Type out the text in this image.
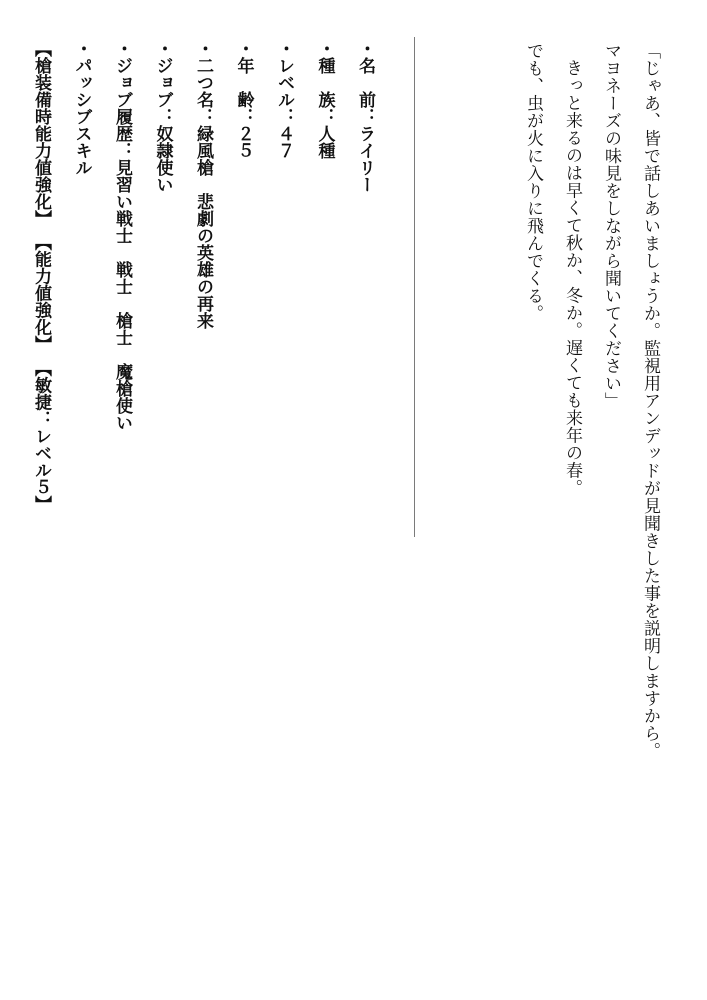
「じゃあ、皆で話しあいましょうか。監視用アンデッドが見聞きした事を説明しますから。

マヨネーズの味見をしながら聞いてください」

きっと来るのは早くて秋か、冬か。遅くても来年の春。

でも、虫が火に入りに飛んでくる。

・ 名　前：ライリー
・ 種　族：人種
・ レベル：４７
・ 年　齢：２５
・ 二つ名：緑風槍　悲劇の英雄の再来
・ ジョブ：奴隷使い
・ ジョブ履歴：見習い戦士　戦士　槍士　魔槍使い
・ パッシブスキル
【槍装備時能力値強化】【能力値強化】【敏捷：レベル５】
